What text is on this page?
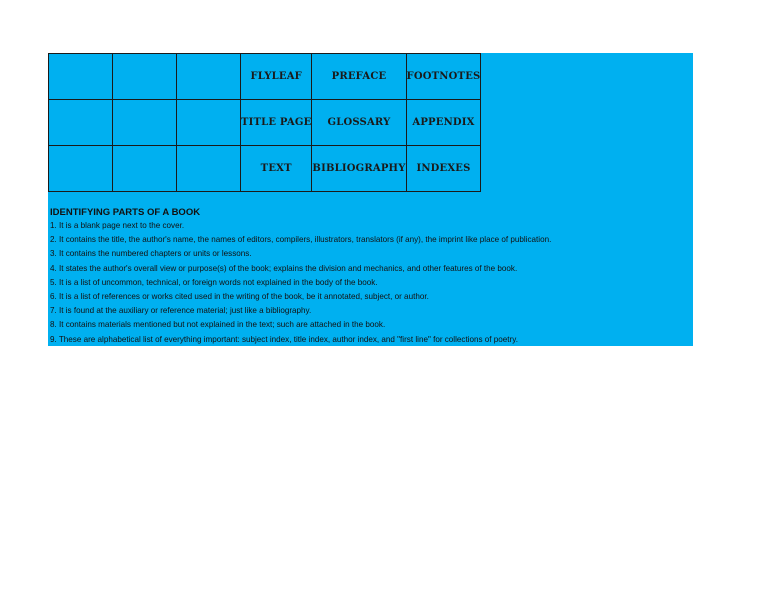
			FLYLEAF	PREFACE	FOOTNOTES
			TITLE PAGE	GLOSSARY	APPENDIX
			TEXT	BIBLIOGRAPHY	INDEXES
IDENTIFYING PARTS OF A BOOK
1. It is a blank page next to the cover.
2. It contains the title, the author's name, the names of editors, compilers, illustrators, translators (if any), the imprint like place of publication.
3. It contains the numbered chapters or units or lessons.
4. It states the author's overall view or purpose(s) of the book; explains the division and mechanics, and other features of the book.
5. It is a list of uncommon, technical, or foreign words not explained in the body of the book.
6. It is a list of references or works cited used in the writing of the book, be it annotated, subject, or author.
7. It is found at the auxiliary or reference material; just like a bibliography.
8. It contains materials mentioned but not explained in the text; such are attached in the book.
9. These are alphabetical list of everything important: subject index, title index, author index, and "first line" for collections of poetry.
